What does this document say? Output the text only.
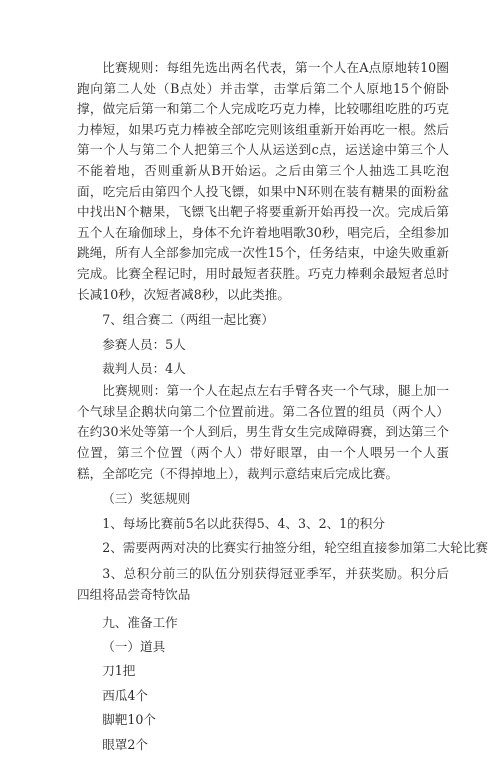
比赛规则：每组先选出两名代表，第一个人在A点原地转10圈跑向第二人处（B点处）并击掌，击掌后第二个人原地15个俯卧撑，做完后第一和第二个人完成吃巧克力棒，比较哪组吃胜的巧克力棒短，如果巧克力棒被全部吃完则该组重新开始再吃一根。然后第一个人与第二个人把第三个人从运送到c点，运送途中第三个人不能着地，否则重新从B开始运。之后由第三个人抽选工具吃泡面，吃完后由第四个人投飞镖，如果中N环则在装有糖果的面粉盆中找出N个糖果，飞镖飞出靶子将要重新开始再投一次。完成后第五个人在瑜伽球上，身体不允许着地唱歌30秒，唱完后，全组参加跳绳，所有人全部参加完成一次性15个，任务结束，中途失败重新完成。比赛全程记时，用时最短者获胜。巧克力棒剩余最短者总时长减10秒，次短者减8秒，以此类推。

7、组合赛二（两组一起比赛）

参赛人员：5人

裁判人员：4人

比赛规则：第一个人在起点左右手臂各夹一个气球，腿上加一个气球呈企鹅状向第二个位置前进。第二各位置的组员（两个人）在约30米处等第一个人到后，男生背女生完成障碍赛，到达第三个位置，第三个位置（两个人）带好眼罩，由一个人喂另一个人蛋糕，全部吃完（不得掉地上），裁判示意结束后完成比赛。

（三）奖惩规则

1、每场比赛前5名以此获得5、4、3、2、1的积分

2、需要两两对决的比赛实行抽签分组，轮空组直接参加第二大轮比赛

3、总积分前三的队伍分别获得冠亚季军，并获奖励。积分后四组将品尝奇特饮品

九、准备工作

（一）道具

刀1把

西瓜4个

脚靶10个

眼罩2个
